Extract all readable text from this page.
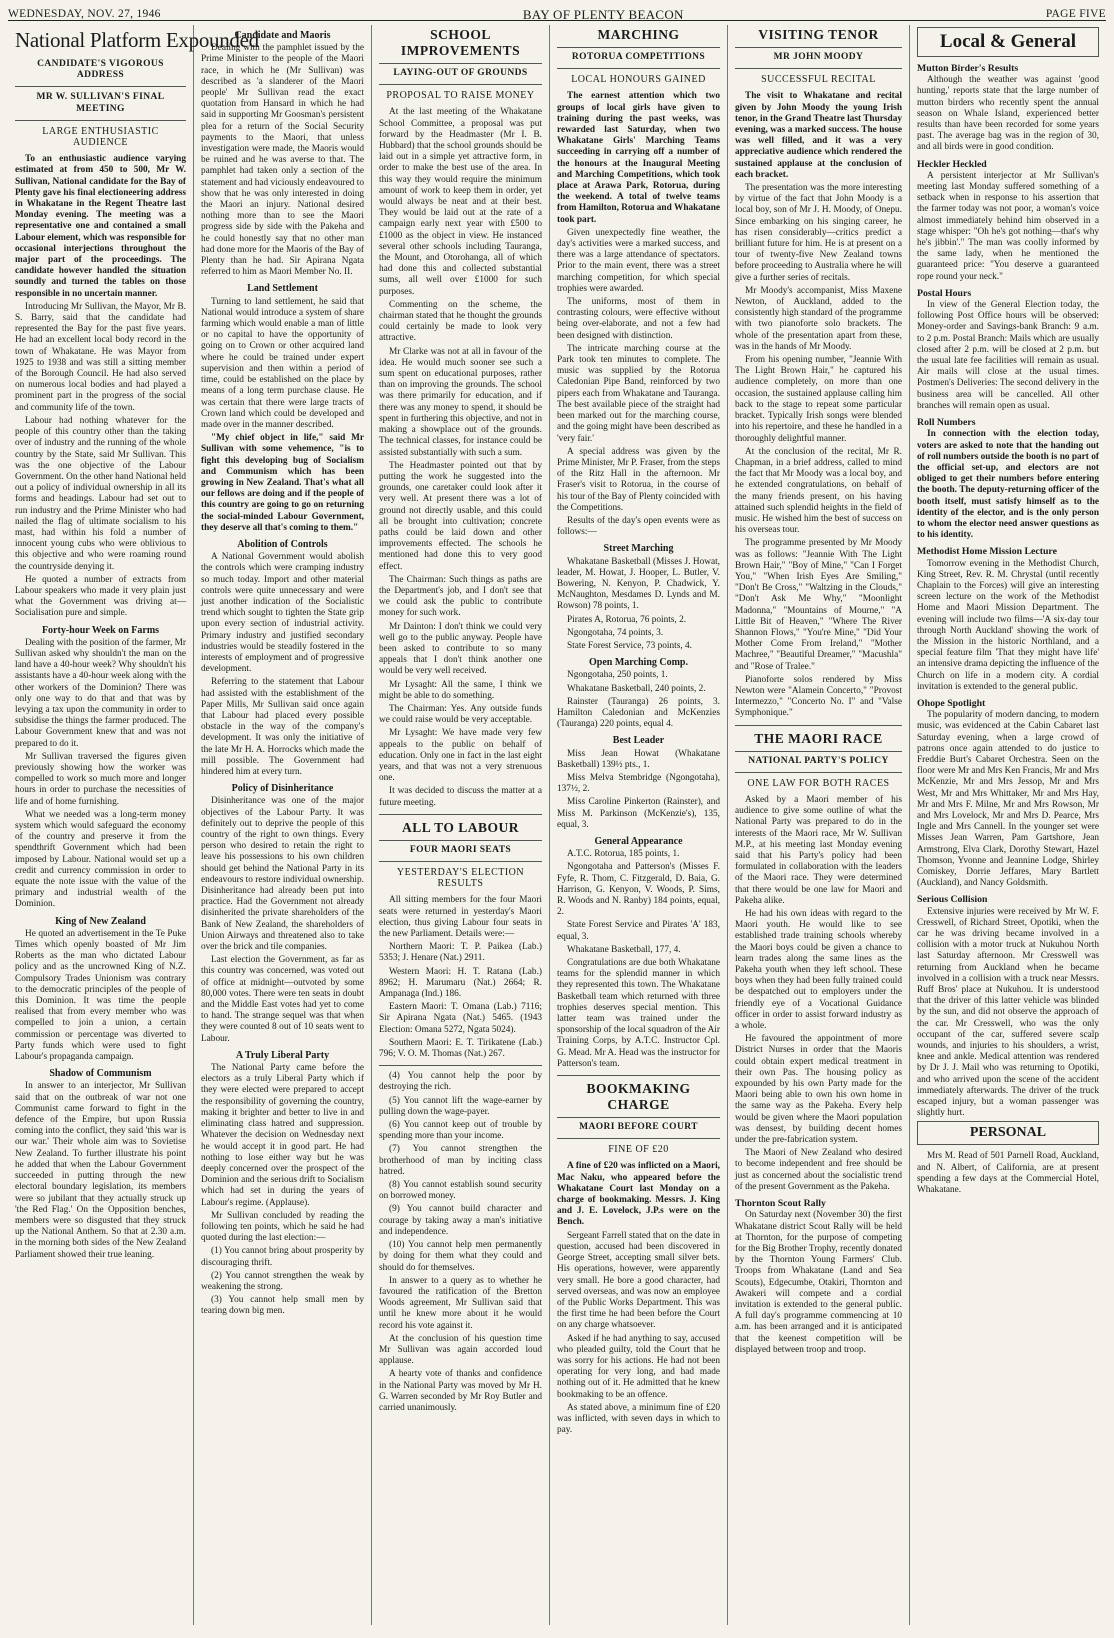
WEDNESDAY, NOV. 27, 1946	BAY OF PLENTY BEACON	PAGE FIVE
National Platform Expounded
CANDIDATE'S VIGOROUS ADDRESS
MR W. SULLIVAN'S FINAL MEETING
LARGE ENTHUSIASTIC AUDIENCE

To an enthusiastic audience varying estimated at from 450 to 500, Mr W. Sullivan, National candidate for the Bay of Plenty gave his final electioneering address in Whakatane in the Regent Theatre last Monday evening. The meeting was a representative one and contained a small Labour element, which was responsible for occasional interjections throughout the major part of the proceedings. The candidate however handled the situation soundly and turned the tables on those responsible in no uncertain manner.

Introducing Mr Sullivan, the Mayor, Mr B. S. Barry, said that the candidate had represented the Bay for the past five years. He had an excellent local body record in the town of Whakatane. He was Mayor from 1925 to 1938 and was still a sitting member of the Borough Council. He had also served on numerous local bodies and had played a prominent part in the progress of the social and community life of the town.

Labour had nothing whatever for the people of this country other than the taking over of industry and the running of the whole country by the State, said Mr Sullivan. This was the one objective of the Labour Government. On the other hand National held out a policy of individual ownership in all its forms and headings. Labour had set out to run industry and the Prime Minister who had nailed the flag of ultimate socialism to his mast, had within his fold a number of innocent young cubs who were oblivious to this objective and who were roaming round the countryside denying it.

He quoted a number of extracts from Labour speakers who made it very plain just what the Government was driving at—Socialisation pure and simple.

Forty-hour Week on Farms

Dealing with the position of the farmer, Mr Sullivan asked why shouldn't the man on the land have a 40-hour week? Why shouldn't his assistants have a 40-hour week along with the other workers of the Dominion? There was only one way to do that and that was by levying a tax upon the community in order to subsidise the things the farmer produced. The Labour Government knew that and was not prepared to do it.

Mr Sullivan traversed the figures given previously showing how the worker was compelled to work so much more and longer hours in order to purchase the necessities of life and of home furnishing.

What we needed was a long-term money system which would safeguard the economy of the country and preserve it from the spendthrift Government which had been imposed by Labour. National would set up a credit and currency commission in order to equate the note issue with the value of the primary and industrial wealth of the Dominion.

King of New Zealand

He quoted an advertisement in the Te Puke Times which openly boasted of Mr Jim Roberts as the man who dictated Labour policy and as the uncrowned King of N.Z. Compulsory Trades Unionism was contrary to the democratic principles of the people of this Dominion. It was time the people realised that from every member who was compelled to join a union, a certain commission or percentage was diverted to Party funds which were used to fight Labour's propaganda campaign.

Shadow of Communism

In answer to an interjector, Mr Sullivan said that on the outbreak of war not one Communist came forward to fight in the defence of the Empire, but upon Russia coming into the conflict, they said 'this war is our war.' Their whole aim was to Sovietise New Zealand. To further illustrate his point he added that when the Labour Government succeeded in putting through the new electoral boundary legislation, its members were so jubilant that they actually struck up 'the Red Flag.' On the Opposition benches, members were so disgusted that they struck up the National Anthem. So that at 2.30 a.m. in the morning both sides of the New Zealand Parliament showed their true leaning.

Candidate and Maoris

Dealing with the pamphlet issued by the Prime Minister to the people of the Maori race, in which he (Mr Sullivan) was described as 'a slanderer of the Maori people' Mr Sullivan read the exact quotation from Hansard in which he had said in supporting Mr Goosman's persistent plea for a return of the Social Security payments to the Maori, that unless investigation were made, the Maoris would be ruined and he was averse to that. The pamphlet had taken only a section of the statement and had viciously endeavoured to show that he was only interested in doing the Maori an injury. National desired nothing more than to see the Maori progress side by side with the Pakeha and he could honestly say that no other man had done more for the Maoris of the Bay of Plenty than he had. Sir Apirana Ngata referred to him as Maori Member No. II.

Land Settlement

Turning to land settlement, he said that National would introduce a system of share farming which would enable a man of little or no capital to have the opportunity of going on to Crown or other acquired land where he could be trained under expert supervision and then within a period of time, could be established on the place by means of a long term purchase clause. He was certain that there were large tracts of Crown land which could be developed and made over in the manner described.

"My chief object in life," said Mr Sullivan with some vehemence, "is to fight this developing bug of Socialism and Communism which has been growing in New Zealand. That's what all our fellows are doing and if the people of this country are going to go on returning the social-minded Labour Government, they deserve all that's coming to them."

Abolition of Controls

A National Government would abolish the controls which were cramping industry so much today. Import and other material controls were quite unnecessary and were just another indication of the Socialistic trend which sought to tighten the State grip upon every section of industrial activity. Primary industry and justified secondary industries would be steadily fostered in the interests of employment and of progressive development.

Referring to the statement that Labour had assisted with the establishment of the Paper Mills, Mr Sullivan said once again that Labour had placed every possible obstacle in the way of the company's development. It was only the initiative of the late Mr H. A. Horrocks which made the mill possible. The Government had hindered him at every turn.

Policy of Disinheritance

Disinheritance was one of the major objectives of the Labour Party. It was definitely out to deprive the people of this country of the right to own things. Every person who desired to retain the right to leave his possessions to his own children should get behind the National Party in its endeavours to restore individual ownership. Disinheritance had already been put into practice. Had the Government not already disinherited the private shareholders of the Bank of New Zealand, the shareholders of Union Airways and threatened also to take over the brick and tile companies.

Last election the Government, as far as this country was concerned, was voted out of office at midnight—outvoted by some 80,000 votes. There were ten seats in doubt and the Middle East votes had yet to come to hand. The strange sequel was that when they were counted 8 out of 10 seats went to Labour.

A Truly Liberal Party

The National Party came before the electors as a truly Liberal Party which if they were elected were prepared to accept the responsibility of governing the country, making it brighter and better to live in and eliminating class hatred and suppression. Whatever the decision on Wednesday next he would accept it in good part. He had nothing to lose either way but he was deeply concerned over the prospect of the Dominion and the serious drift to Socialism which had set in during the years of Labour's regime. (Applause).

Mr Sullivan concluded by reading the following ten points, which he said he had quoted during the last election:—

(1) You cannot bring about prosperity by discouraging thrift.

(2) You cannot strengthen the weak by weakening the strong.

(3) You cannot help small men by tearing down big men.

SCHOOL IMPROVEMENTS
LAYING-OUT OF GROUNDS
PROPOSAL TO RAISE MONEY

At the last meeting of the Whakatane School Committee, a proposal was put forward by the Headmaster (Mr I. B. Hubbard) that the school grounds should be laid out in a simple yet attractive form, in order to make the best use of the area. In this way they would require the minimum amount of work to keep them in order, yet would always be neat and at their best. They would be laid out at the rate of a campaign early next year with £500 to £1000 as the object in view. He instanced several other schools including Tauranga, the Mount, and Otorohanga, all of which had done this and collected substantial sums, all well over £1000 for such purposes.

Commenting on the scheme, the chairman stated that he thought the grounds could certainly be made to look very attractive.

Mr Clarke was not at all in favour of the idea. He would much sooner see such a sum spent on educational purposes, rather than on improving the grounds. The school was there primarily for education, and if there was any money to spend, it should be spent in furthering this objective, and not in making a showplace out of the grounds. The technical classes, for instance could be assisted substantially with such a sum.

The Headmaster pointed out that by putting the work he suggested into the grounds, one caretaker could look after it very well. At present there was a lot of ground not directly usable, and this could all be brought into cultivation; concrete paths could be laid down and other improvements effected. The schools he mentioned had done this to very good effect.

The Chairman: Such things as paths are the Department's job, and I don't see that we could ask the public to contribute money for such work.

Mr Dainton: I don't think we could very well go to the public anyway. People have been asked to contribute to so many appeals that I don't think another one would be very well received.

Mr Lysaght: All the same, I think we might be able to do something.

The Chairman: Yes. Any outside funds we could raise would be very acceptable.

Mr Lysaght: We have made very few appeals to the public on behalf of education. Only one in fact in the last eight years, and that was not a very strenuous one.

It was decided to discuss the matter at a future meeting.

ALL TO LABOUR
FOUR MAORI SEATS
YESTERDAY'S ELECTION RESULTS

All sitting members for the four Maori seats were returned in yesterday's Maori election, thus giving Labour four seats in the new Parliament. Details were:—

Northern Maori: T. P. Paikea (Lab.) 5353; J. Henare (Nat.) 2911.

Western Maori: H. T. Ratana (Lab.) 8962; H. Marumaru (Nat.) 2664; R. Ampanaga (Ind.) 186.

Eastern Maori: T. Omana (Lab.) 7116; Sir Apirana Ngata (Nat.) 5465. (1943 Election: Omana 5272, Ngata 5024).

Southern Maori: E. T. Tirikatene (Lab.) 796; V. O. M. Thomas (Nat.) 267.

(4) You cannot help the poor by destroying the rich.

(5) You cannot lift the wage-earner by pulling down the wage-payer.

(6) You cannot keep out of trouble by spending more than your income.

(7) You cannot strengthen the brotherhood of man by inciting class hatred.

(8) You cannot establish sound security on borrowed money.

(9) You cannot build character and courage by taking away a man's initiative and independence.

(10) You cannot help men permanently by doing for them what they could and should do for themselves.

In answer to a query as to whether he favoured the ratification of the Bretton Woods agreement, Mr Sullivan said that until he knew more about it he would record his vote against it.

At the conclusion of his question time Mr Sullivan was again accorded loud applause.

A hearty vote of thanks and confidence in the National Party was moved by Mr H. G. Warren seconded by Mr Roy Butler and carried unanimously.

MARCHING
ROTORUA COMPETITIONS
LOCAL HONOURS GAINED

The earnest attention which two groups of local girls have given to training during the past weeks, was rewarded last Saturday, when two Whakatane Girls' Marching Teams succeeding in carrying off a number of the honours at the Inaugural Meeting and Marching Competitions, which took place at Arawa Park, Rotorua, during the weekend. A total of twelve teams from Hamilton, Rotorua and Whakatane took part.

Given unexpectedly fine weather, the day's activities were a marked success, and there was a large attendance of spectators. Prior to the main event, there was a street marching competition, for which special trophies were awarded.

The uniforms, most of them in contrasting colours, were effective without being over-elaborate, and not a few had been designed with distinction.

The intricate marching course at the Park took ten minutes to complete. The music was supplied by the Rotorua Caledonian Pipe Band, reinforced by two pipers each from Whakatane and Tauranga. The best available piece of the straight had been marked out for the marching course, and the going might have been described as 'very fair.'

A special address was given by the Prime Minister, Mr P. Fraser, from the steps of the Ritz Hall in the afternoon. Mr Fraser's visit to Rotorua, in the course of his tour of the Bay of Plenty coincided with the Competitions.

Results of the day's open events were as follows:—

Street Marching

Whakatane Basketball (Misses J. Howat, leader, M. Howat, J. Hooper, L. Butler, V. Bowering, N. Kenyon, P. Chadwick, Y. McNaughton, Mesdames D. Lynds and M. Rowson) 78 points, 1.

Pirates A, Rotorua, 76 points, 2.

Ngongotaha, 74 points, 3.

State Forest Service, 73 points, 4.

Open Marching Comp.

Ngongotaha, 250 points, 1.

Whakatane Basketball, 240 points, 2.

Rainster (Tauranga) 26 points, 3. Hamilton Caledonian and McKenzies (Tauranga) 220 points, equal 4.

Best Leader

Miss Jean Howat (Whakatane Basketball) 139½ pts., 1.

Miss Melva Stembridge (Ngongotaha), 137½, 2.

Miss Caroline Pinkerton (Rainster), and Miss M. Parkinson (McKenzie's), 135, equal, 3.

General Appearance

A.T.C. Rotorua, 185 points, 1.

Ngongotaha and Patterson's (Misses F. Fyfe, R. Thom, C. Fitzgerald, D. Baia, G. Harrison, G. Kenyon, V. Woods, P. Sims, R. Woods and N. Ranby) 184 points, equal, 2.

State Forest Service and Pirates 'A' 183, equal, 3.

Whakatane Basketball, 177, 4.

Congratulations are due both Whakatane teams for the splendid manner in which they represented this town. The Whakatane Basketball team which returned with three trophies deserves special mention. This latter team was trained under the sponsorship of the local squadron of the Air Training Corps, by A.T.C. Instructor Cpl. G. Mead. Mr A. Head was the instructor for Patterson's team.

BOOKMAKING CHARGE
MAORI BEFORE COURT
FINE OF £20

A fine of £20 was inflicted on a Maori, Mac Naku, who appeared before the Whakatane Court last Monday on a charge of bookmaking. Messrs. J. King and J. E. Lovelock, J.P.s were on the Bench.

Sergeant Farrell stated that on the date in question, accused had been discovered in George Street, accepting small silver bets. His operations, however, were apparently very small. He bore a good character, had served overseas, and was now an employee of the Public Works Department. This was the first time he had been before the Court on any charge whatsoever.

Asked if he had anything to say, accused who pleaded guilty, told the Court that he was sorry for his actions. He had not been operating for very long, and had made nothing out of it. He admitted that he knew bookmaking to be an offence.

As stated above, a minimum fine of £20 was inflicted, with seven days in which to pay.

VISITING TENOR
MR JOHN MOODY
SUCCESSFUL RECITAL

The visit to Whakatane and recital given by John Moody the young Irish tenor, in the Grand Theatre last Thursday evening, was a marked success. The house was well filled, and it was a very appreciative audience which rendered the sustained applause at the conclusion of each bracket.

The presentation was the more interesting by virtue of the fact that John Moody is a local boy, son of Mr J. H. Moody, of Onepu. Since embarking on his singing career, he has risen considerably—critics predict a brilliant future for him. He is at present on a tour of twenty-five New Zealand towns before proceeding to Australia where he will give a further series of recitals.

Mr Moody's accompanist, Miss Maxene Newton, of Auckland, added to the consistently high standard of the programme with two pianoforte solo brackets. The whole of the presentation apart from these, was in the hands of Mr Moody.

From his opening number, "Jeannie With The Light Brown Hair," he captured his audience completely, on more than one occasion, the sustained applause calling him back to the stage to repeat some particular bracket. Typically Irish songs were blended into his repertoire, and these he handled in a thoroughly delightful manner.

At the conclusion of the recital, Mr R. Chapman, in a brief address, called to mind the fact that Mr Moody was a local boy, and he extended congratulations, on behalf of the many friends present, on his having attained such splendid heights in the field of music. He wished him the best of success on his overseas tour.

The programme presented by Mr Moody was as follows: "Jeannie With The Light Brown Hair," "Boy of Mine," "Can I Forget You," "When Irish Eyes Are Smiling," "Don't Be Cross," "Waltzing in the Clouds," "Don't Ask Me Why," "Moonlight Madonna," "Mountains of Mourne," "A Little Bit of Heaven," "Where The River Shannon Flows," "You're Mine," "Did Your Mother Come From Ireland," "Mother Machree," "Beautiful Dreamer," "Macushla" and "Rose of Tralee."

Pianoforte solos rendered by Miss Newton were "Alamein Concerto," "Provost Intermezzo," "Concerto No. I" and "Valse Symphonique."

THE MAORI RACE
NATIONAL PARTY'S POLICY
ONE LAW FOR BOTH RACES

Asked by a Maori member of his audience to give some outline of what the National Party was prepared to do in the interests of the Maori race, Mr W. Sullivan M.P., at his meeting last Monday evening said that his Party's policy had been formulated in collaboration with the leaders of the Maori race. They were determined that there would be one law for Maori and Pakeha alike.

He had his own ideas with regard to the Maori youth. He would like to see established trade training schools whereby the Maori boys could be given a chance to learn trades along the same lines as the Pakeha youth when they left school. These boys when they had been fully trained could be despatched out to employers under the friendly eye of a Vocational Guidance officer in order to assist forward industry as a whole.

He favoured the appointment of more District Nurses in order that the Maoris could obtain expert medical treatment in their own Pas. The housing policy as expounded by his own Party made for the Maori being able to own his own home in the same way as the Pakeha. Every help would be given where the Maori population was densest, by building decent homes under the pre-fabrication system.

The Maori of New Zealand who desired to become independent and free should be just as concerned about the socialistic trend of the present Government as the Pakeha.

Thornton Scout Rally

On Saturday next (November 30) the first Whakatane district Scout Rally will be held at Thornton, for the purpose of competing for the Big Brother Trophy, recently donated by the Thornton Young Farmers' Club. Troops from Whakatane (Land and Sea Scouts), Edgecumbe, Otakiri, Thornton and Awakeri will compete and a cordial invitation is extended to the general public. A full day's programme commencing at 10 a.m. has been arranged and it is anticipated that the keenest competition will be displayed between troop and troop.

Local & General
Mutton Birder's Results

Although the weather was against 'good hunting,' reports state that the large number of mutton birders who recently spent the annual season on Whale Island, experienced better results than have been recorded for some years past. The average bag was in the region of 30, and all birds were in good condition.

Heckler Heckled

A persistent interjector at Mr Sullivan's meeting last Monday suffered something of a setback when in response to his assertion that the farmer today was not poor, a woman's voice almost immediately behind him observed in a stage whisper: "Oh he's got nothing—that's why he's jibbin'." The man was coolly informed by the same lady, when he mentioned the guaranteed price: "You deserve a guaranteed rope round your neck."

Postal Hours

In view of the General Election today, the following Post Office hours will be observed: Money-order and Savings-bank Branch: 9 a.m. to 2 p.m. Postal Branch: Mails which are usually closed after 2 p.m. will be closed at 2 p.m. but the usual late fee facilities will remain as usual. Air mails will close at the usual times. Postmen's Deliveries: The second delivery in the business area will be cancelled. All other branches will remain open as usual.

Roll Numbers

In connection with the election today, voters are asked to note that the handing out of roll numbers outside the booth is no part of the official set-up, and electors are not obliged to get their numbers before entering the booth. The deputy-returning officer of the booth itself, must satisfy himself as to the identity of the elector, and is the only person to whom the elector need answer questions as to his identity.

Methodist Home Mission Lecture

Tomorrow evening in the Methodist Church, King Street, Rev. R. M. Chrystal (until recently Chaplain to the Forces) will give an interesting screen lecture on the work of the Methodist Home and Maori Mission Department. The evening will include two films—'A six-day tour through North Auckland' showing the work of the Mission in the historic Northland, and a special feature film 'That they might have life' an intensive drama depicting the influence of the Church on life in a modern city. A cordial invitation is extended to the general public.

Ohope Spotlight

The popularity of modern dancing, to modern music, was evidenced at the Cabin Cabaret last Saturday evening, when a large crowd of patrons once again attended to do justice to Freddie Burt's Cabaret Orchestra. Seen on the floor were Mr and Mrs Ken Francis, Mr and Mrs McKenzie, Mr and Mrs Jessop, Mr and Mrs West, Mr and Mrs Whittaker, Mr and Mrs Hay, Mr and Mrs F. Milne, Mr and Mrs Rowson, Mr and Mrs Lovelock, Mr and Mrs D. Pearce, Mrs Ingle and Mrs Cannell. In the younger set were Misses Jean Warren, Pam Gartshore, Jean Armstrong, Elva Clark, Dorothy Stewart, Hazel Thomson, Yvonne and Jeannine Lodge, Shirley Comiskey, Dorrie Jeffares, Mary Bartlett (Auckland), and Nancy Goldsmith.

Serious Collision

Extensive injuries were received by Mr W. F. Cresswell, of Richard Street, Opotiki, when the car he was driving became involved in a collision with a motor truck at Nukuhou North last Saturday afternoon. Mr Cresswell was returning from Auckland when he became involved in a collision with a truck near Messrs. Ruff Bros' place at Nukuhou. It is understood that the driver of this latter vehicle was blinded by the sun, and did not observe the approach of the car. Mr Cresswell, who was the only occupant of the car, suffered severe scalp wounds, and injuries to his shoulders, a wrist, knee and ankle. Medical attention was rendered by Dr J. J. Mail who was returning to Opotiki, and who arrived upon the scene of the accident immediately afterwards. The driver of the truck escaped injury, but a woman passenger was slightly hurt.

PERSONAL

Mrs M. Read of 501 Parnell Road, Auckland, and N. Albert, of California, are at present spending a few days at the Commercial Hotel, Whakatane.
